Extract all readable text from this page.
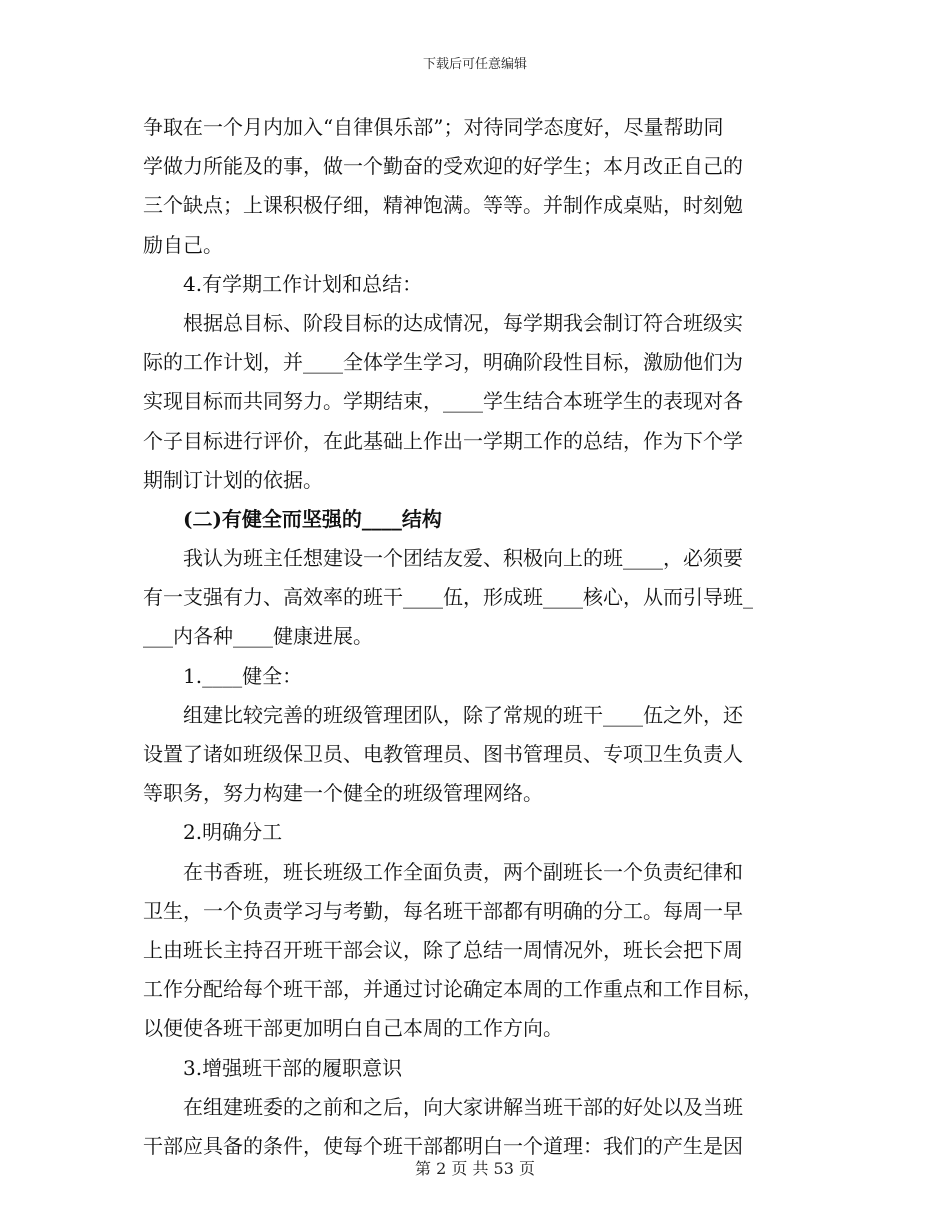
下载后可任意编辑
争取在一个月内加入“自律俱乐部”；对待同学态度好，尽量帮助同
学做力所能及的事，做一个勤奋的受欢迎的好学生；本月改正自己的
三个缺点；上课积极仔细，精神饱满。等等。并制作成桌贴，时刻勉
励自己。
4.有学期工作计划和总结：
根据总目标、阶段目标的达成情况，每学期我会制订符合班级实
际的工作计划，并____全体学生学习，明确阶段性目标，激励他们为
实现目标而共同努力。学期结束，____学生结合本班学生的表现对各
个子目标进行评价，在此基础上作出一学期工作的总结，作为下个学
期制订计划的依据。
(二)有健全而坚强的____结构
我认为班主任想建设一个团结友爱、积极向上的班____，必须要
有一支强有力、高效率的班干____伍，形成班____核心，从而引导班_
___内各种____健康进展。
1.____健全：
组建比较完善的班级管理团队，除了常规的班干____伍之外，还
设置了诸如班级保卫员、电教管理员、图书管理员、专项卫生负责人
等职务，努力构建一个健全的班级管理网络。
2.明确分工
在书香班，班长班级工作全面负责，两个副班长一个负责纪律和
卫生，一个负责学习与考勤，每名班干部都有明确的分工。每周一早
上由班长主持召开班干部会议，除了总结一周情况外，班长会把下周
工作分配给每个班干部，并通过讨论确定本周的工作重点和工作目标，
以便使各班干部更加明白自己本周的工作方向。
3.增强班干部的履职意识
在组建班委的之前和之后，向大家讲解当班干部的好处以及当班
干部应具备的条件，使每个班干部都明白一个道理：我们的产生是因
第 2 页 共 53 页
